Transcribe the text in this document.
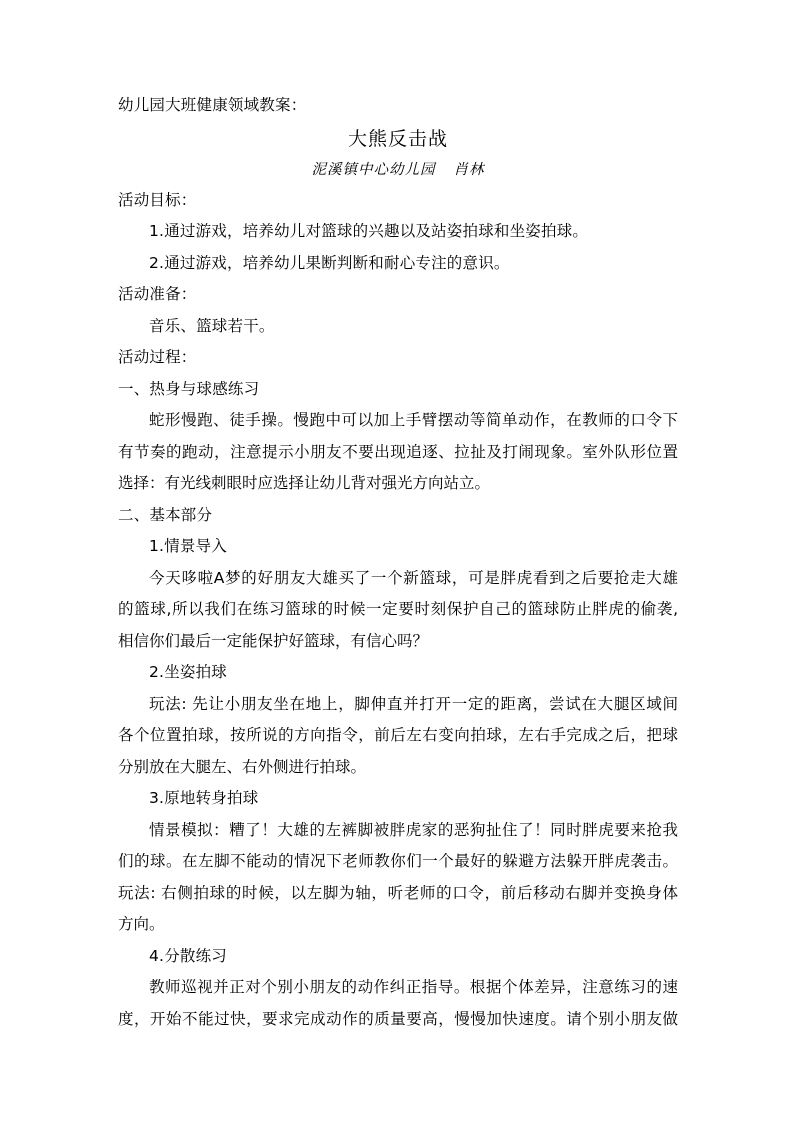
幼儿园大班健康领域教案：
大熊反击战
泥溪镇中心幼儿园 肖林
活动目标：
1.通过游戏，培养幼儿对篮球的兴趣以及站姿拍球和坐姿拍球。
2.通过游戏，培养幼儿果断判断和耐心专注的意识。
活动准备：
音乐、篮球若干。
活动过程：
一、热身与球感练习
蛇形慢跑、徒手操。慢跑中可以加上手臂摆动等简单动作，在教师的口令下
有节奏的跑动，注意提示小朋友不要出现追逐、拉扯及打闹现象。室外队形位置
选择：有光线刺眼时应选择让幼儿背对强光方向站立。
二、基本部分
1.情景导入
今天哆啦A梦的好朋友大雄买了一个新篮球，可是胖虎看到之后要抢走大雄
的篮球,所以我们在练习篮球的时候一定要时刻保护自己的篮球防止胖虎的偷袭,
相信你们最后一定能保护好篮球，有信心吗？
2.坐姿拍球
玩法: 先让小朋友坐在地上，脚伸直并打开一定的距离，尝试在大腿区域间
各个位置拍球，按所说的方向指令，前后左右变向拍球，左右手完成之后，把球
分别放在大腿左、右外侧进行拍球。
3.原地转身拍球
情景模拟：糟了！大雄的左裤脚被胖虎家的恶狗扯住了！同时胖虎要来抢我
们的球。在左脚不能动的情况下老师教你们一个最好的躲避方法躲开胖虎袭击。
玩法: 右侧拍球的时候，以左脚为轴，听老师的口令，前后移动右脚并变换身体
方向。
4.分散练习
教师巡视并正对个别小朋友的动作纠正指导。根据个体差异，注意练习的速
度，开始不能过快，要求完成动作的质量要高，慢慢加快速度。请个别小朋友做
